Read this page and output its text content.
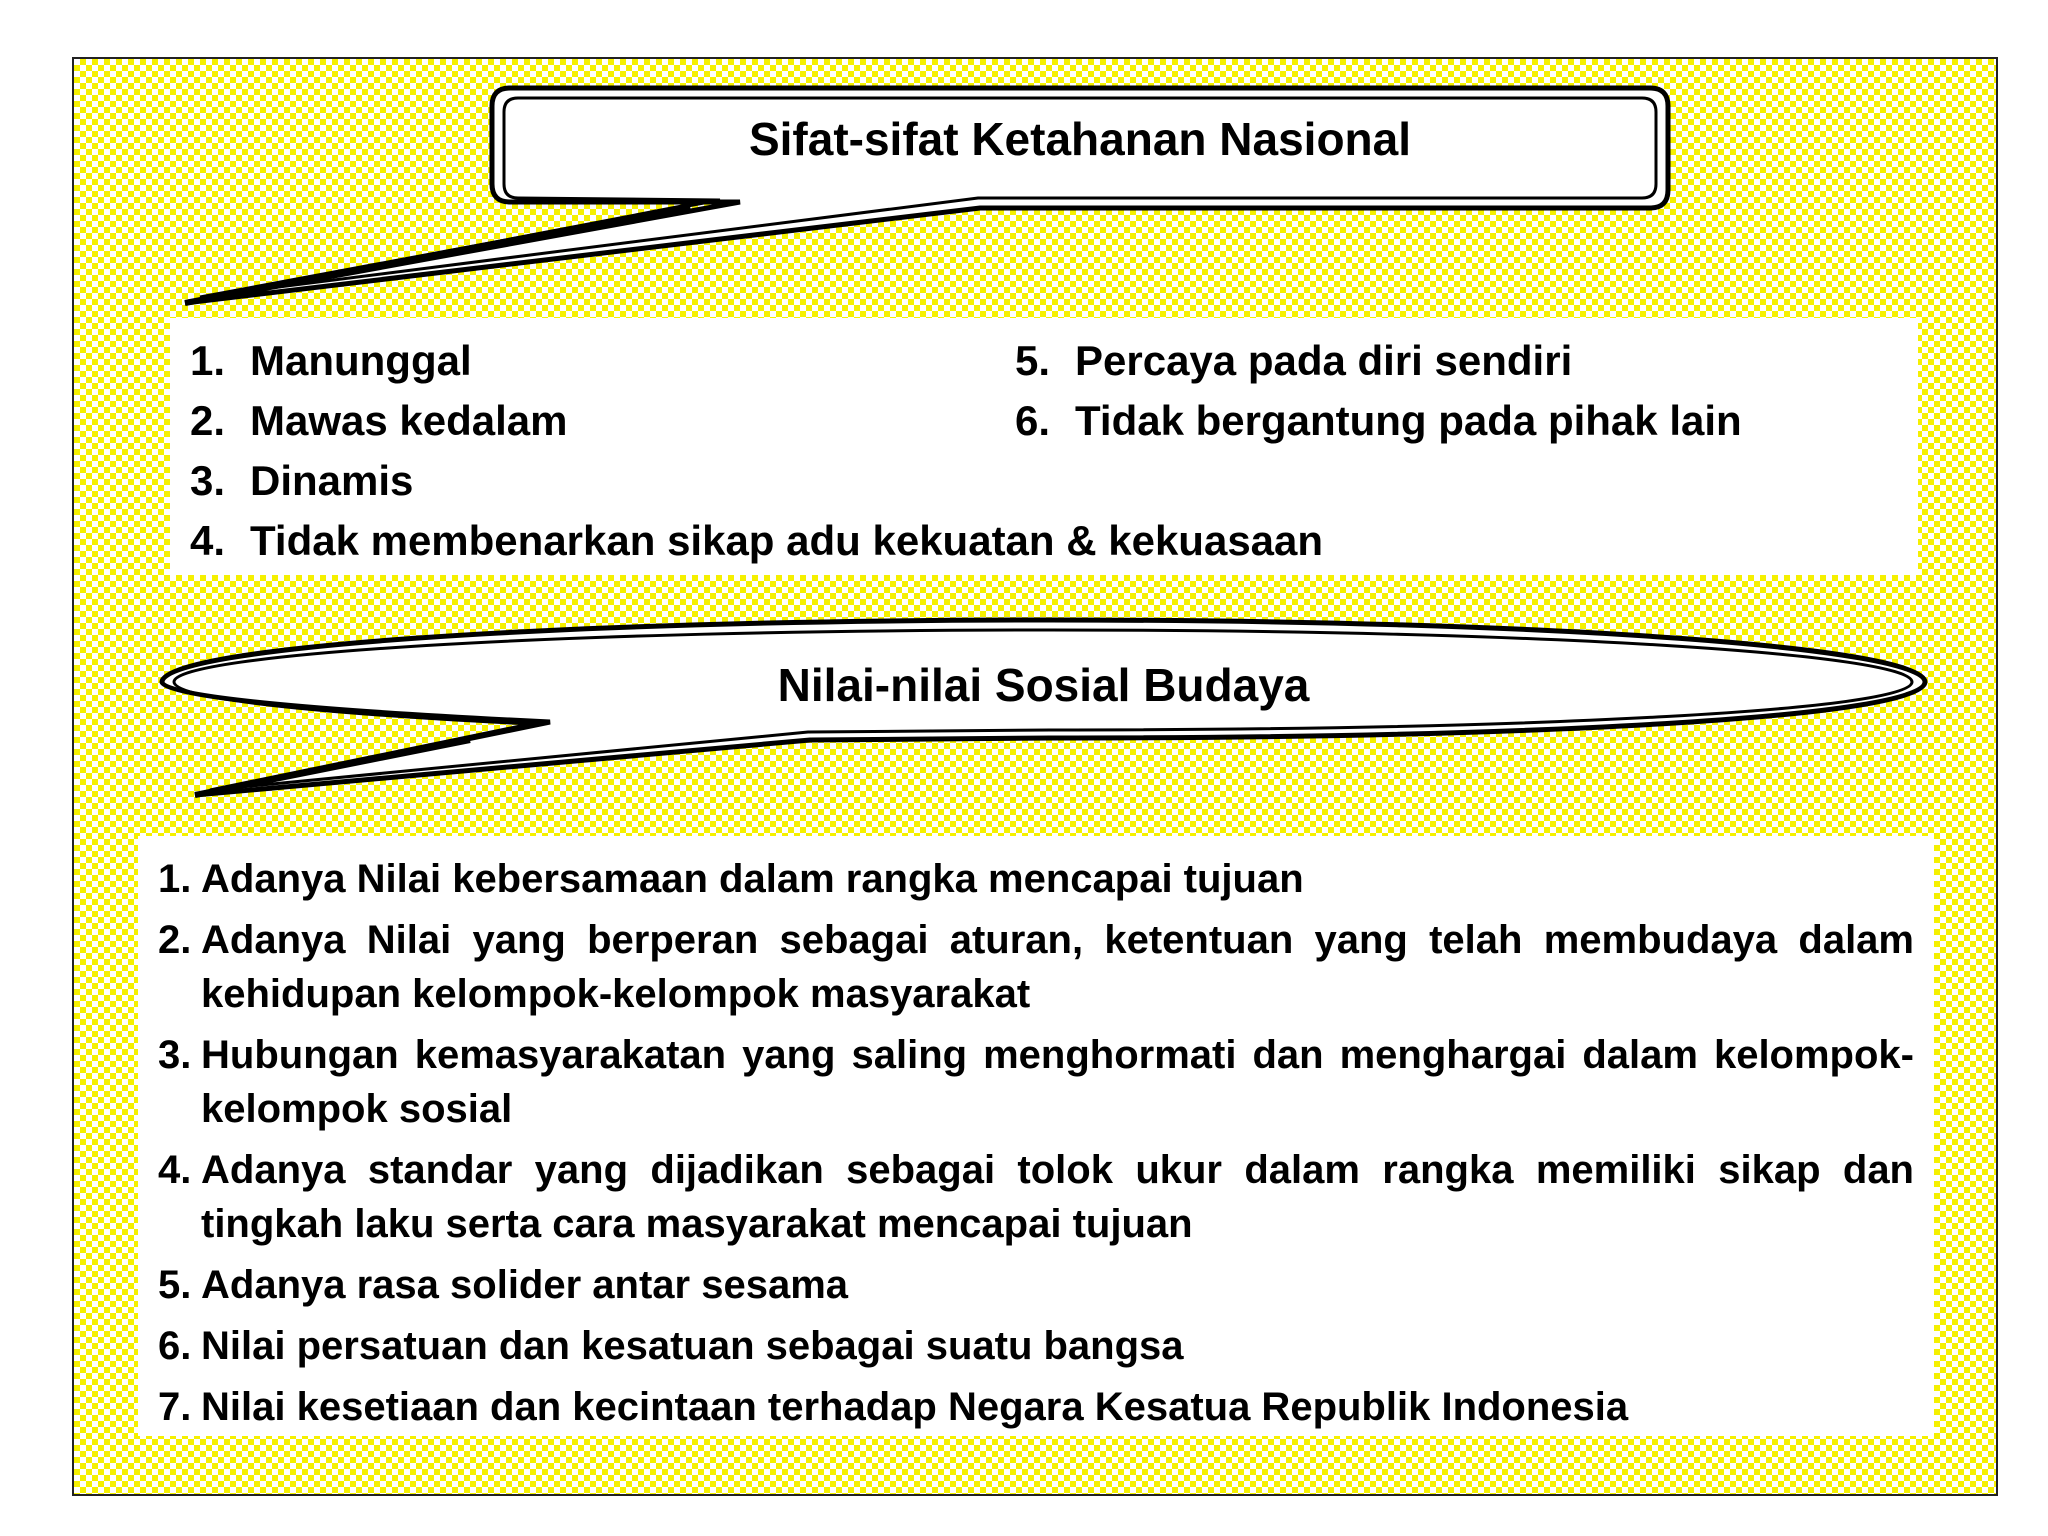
Sifat-sifat Ketahanan Nasional
1. Manunggal
2. Mawas kedalam
3. Dinamis
4. Tidak membenarkan sikap adu kekuatan & kekuasaan
5. Percaya pada diri sendiri
6. Tidak bergantung pada pihak lain
Nilai-nilai Sosial Budaya
1. Adanya Nilai kebersamaan dalam rangka mencapai tujuan
2. Adanya Nilai yang berperan sebagai aturan, ketentuan yang telah membudaya dalam kehidupan kelompok-kelompok masyarakat
3. Hubungan kemasyarakatan yang saling menghormati dan menghargai dalam kelompok-kelompok sosial
4. Adanya standar yang dijadikan sebagai tolok ukur dalam rangka memiliki sikap dan tingkah laku serta cara masyarakat mencapai tujuan
5. Adanya rasa solider antar sesama
6. Nilai persatuan dan kesatuan sebagai suatu bangsa
7. Nilai kesetiaan dan kecintaan terhadap Negara Kesatua Republik Indonesia
